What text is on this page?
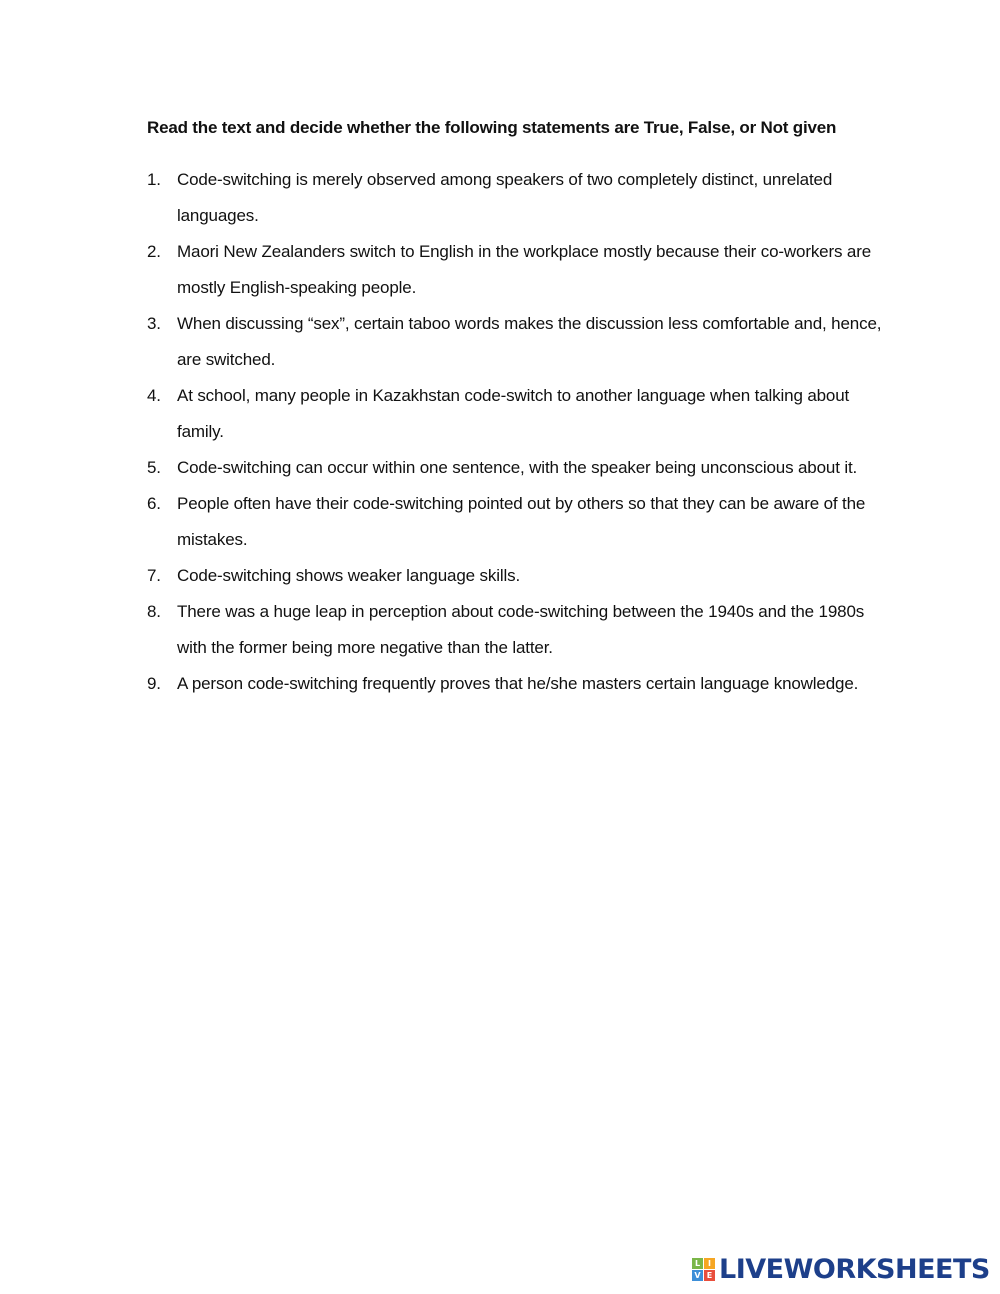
Read the text and decide whether the following statements are True, False, or Not given
1. Code-switching is merely observed among speakers of two completely distinct, unrelated languages.
2. Maori New Zealanders switch to English in the workplace mostly because their co-workers are mostly English-speaking people.
3. When discussing “sex”, certain taboo words makes the discussion less comfortable and, hence, are switched.
4. At school, many people in Kazakhstan code-switch to another language when talking about family.
5. Code-switching can occur within one sentence, with the speaker being unconscious about it.
6. People often have their code-switching pointed out by others so that they can be aware of the mistakes.
7. Code-switching shows weaker language skills.
8. There was a huge leap in perception about code-switching between the 1940s and the 1980s with the former being more negative than the latter.
9. A person code-switching frequently proves that he/she masters certain language knowledge.
L I
V E LIVEWORKSHEETS
